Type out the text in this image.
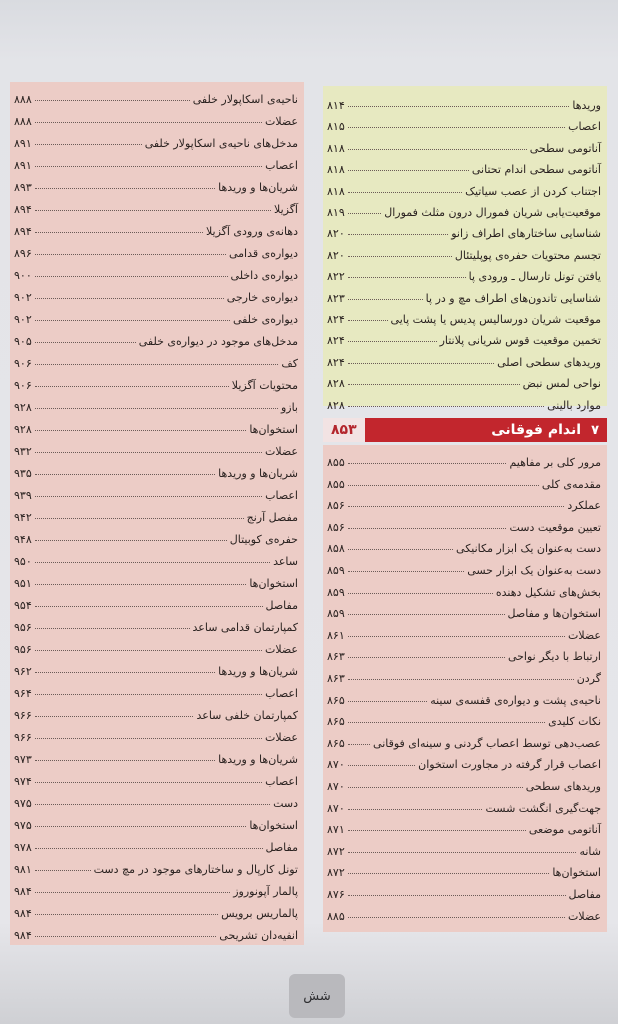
ناحیه‌ی اسکاپولار خلفی
۸۸۸
عضلات
۸۸۸
مدخل‌های ناحیه‌ی اسکاپولار خلفی
۸۹۱
اعصاب
۸۹۱
شریان‌ها و وریدها
۸۹۳
آگزیلا
۸۹۴
دهانه‌ی ورودی آگزیلا
۸۹۴
دیواره‌ی قدامی
۸۹۶
دیواره‌ی داخلی
۹۰۰
دیواره‌ی خارجی
۹۰۲
دیواره‌ی خلفی
۹۰۲
مدخل‌های موجود در دیواره‌ی خلفی
۹۰۵
کف
۹۰۶
محتویات آگزیلا
۹۰۶
بازو
۹۲۸
استخوان‌ها
۹۲۸
عضلات
۹۳۲
شریان‌ها و وریدها
۹۳۵
اعصاب
۹۳۹
مفصل آرنج
۹۴۲
حفره‌ی کوبیتال
۹۴۸
ساعد
۹۵۰
استخوان‌ها
۹۵۱
مفاصل
۹۵۴
کمپارتمان قدامی ساعد
۹۵۶
عضلات
۹۵۶
شریان‌ها و وریدها
۹۶۲
اعصاب
۹۶۴
کمپارتمان خلفی ساعد
۹۶۶
عضلات
۹۶۶
شریان‌ها و وریدها
۹۷۳
اعصاب
۹۷۴
دست
۹۷۵
استخوان‌ها
۹۷۵
مفاصل
۹۷۸
تونل کارپال و ساختارهای موجود در مچ دست
۹۸۱
پالمار آپونوروز
۹۸۴
پالماریس برویس
۹۸۴
انفیه‌دان تشریحی
۹۸۴
وریدها
۸۱۴
اعصاب
۸۱۵
آناتومی سطحی
۸۱۸
آناتومی سطحی اندام تحتانی
۸۱۸
اجتناب کردن از عصب سیاتیک
۸۱۸
موقعیت‌یابی شریان فمورال درون مثلث فمورال
۸۱۹
شناسایی ساختارهای اطراف زانو
۸۲۰
تجسم محتویات حفره‌ی پوپلیتئال
۸۲۰
یافتن تونل تارسال ـ ورودی پا
۸۲۲
شناسایی تاندون‌های اطراف مچ و در پا
۸۲۳
موقعیت شریان دورسالیس پدیس یا پشت پایی
۸۲۴
تخمین موقعیت قوس شریانی پلانتار
۸۲۴
وریدهای سطحی اصلی
۸۲۴
نواحی لمس نبض
۸۲۸
موارد بالینی
۸۲۸
۷
اندام فوقانی
۸۵۳
مرور کلی بر مفاهیم
۸۵۵
مقدمه‌ی کلی
۸۵۵
عملکرد
۸۵۶
تعیین موقعیت دست
۸۵۶
دست به‌عنوان یک ابزار مکانیکی
۸۵۸
دست به‌عنوان یک ابزار حسی
۸۵۹
بخش‌های تشکیل دهنده
۸۵۹
استخوان‌ها و مفاصل
۸۵۹
عضلات
۸۶۱
ارتباط با دیگر نواحی
۸۶۳
گردن
۸۶۳
ناحیه‌ی پشت و دیواره‌ی قفسه‌ی سینه
۸۶۵
نکات کلیدی
۸۶۵
عصب‌دهی توسط اعصاب گردنی و سینه‌ای فوقانی
۸۶۵
اعصاب قرار گرفته در مجاورت استخوان
۸۷۰
وریدهای سطحی
۸۷۰
جهت‌گیری انگشت شست
۸۷۰
آناتومی موضعی
۸۷۱
شانه
۸۷۲
استخوان‌ها
۸۷۲
مفاصل
۸۷۶
عضلات
۸۸۵
شش
